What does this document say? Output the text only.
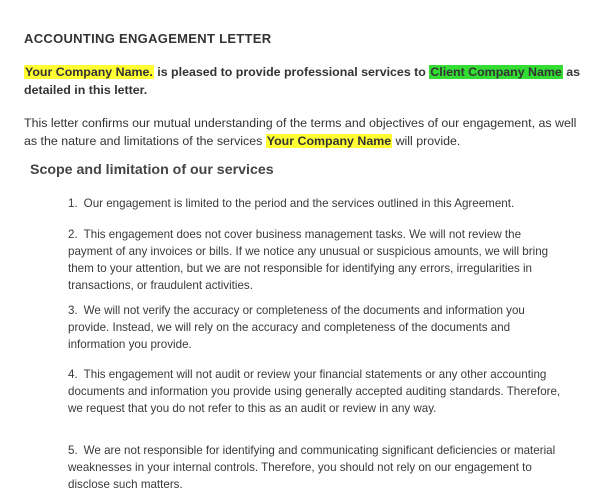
ACCOUNTING ENGAGEMENT LETTER
Your Company Name. is pleased to provide professional services to Client Company Name as detailed in this letter.
This letter confirms our mutual understanding of the terms and objectives of our engagement, as well as the nature and limitations of the services Your Company Name will provide.
Scope and limitation of our services
1. Our engagement is limited to the period and the services outlined in this Agreement.
2. This engagement does not cover business management tasks. We will not review the payment of any invoices or bills. If we notice any unusual or suspicious amounts, we will bring them to your attention, but we are not responsible for identifying any errors, irregularities in transactions, or fraudulent activities.
3. We will not verify the accuracy or completeness of the documents and information you provide. Instead, we will rely on the accuracy and completeness of the documents and information you provide.
4. This engagement will not audit or review your financial statements or any other accounting documents and information you provide using generally accepted auditing standards. Therefore, we request that you do not refer to this as an audit or review in any way.
5. We are not responsible for identifying and communicating significant deficiencies or material weaknesses in your internal controls. Therefore, you should not rely on our engagement to disclose such matters.
